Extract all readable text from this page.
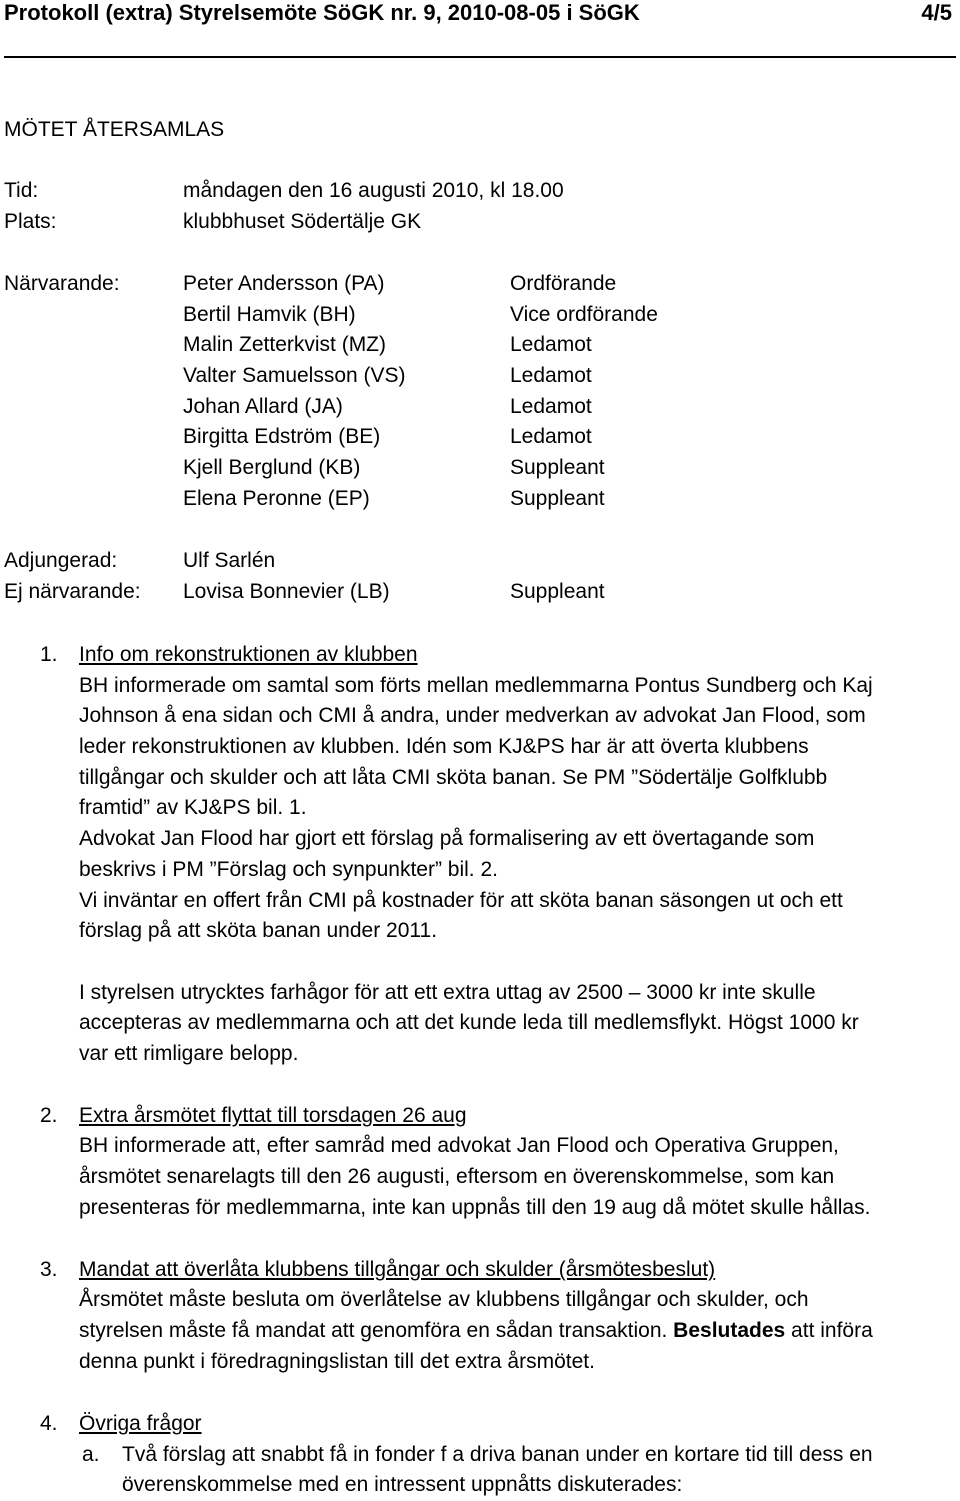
Protokoll (extra) Styrelsemöte SöGK nr. 9, 2010-08-05 i SöGK	4/5
MÖTET ÅTERSAMLAS
Tid:	måndagen den 16 augusti 2010, kl 18.00
Plats:	klubbhuset Södertälje GK
Närvarande:	Peter Andersson (PA)	Ordförande
Bertil Hamvik (BH)	Vice ordförande
Malin Zetterkvist (MZ)	Ledamot
Valter Samuelsson (VS)	Ledamot
Johan Allard (JA)	Ledamot
Birgitta Edström (BE)	Ledamot
Kjell Berglund (KB)	Suppleant
Elena Peronne (EP)	Suppleant
Adjungerad:	Ulf Sarlén
Ej närvarande: Lovisa Bonnevier (LB)	Suppleant
1. Info om rekonstruktionen av klubben
BH informerade om samtal som förts mellan medlemmarna Pontus Sundberg och Kaj
Johnson å ena sidan och CMI å andra, under medverkan av advokat Jan Flood, som
leder rekonstruktionen av klubben. Idén som KJ&PS har är att överta klubbens
tillgångar och skulder och att låta CMI sköta banan. Se PM ”Södertälje Golfklubb
framtid” av KJ&PS bil. 1.
Advokat Jan Flood har gjort ett förslag på formalisering av ett övertagande som
beskrivs i PM ”Förslag och synpunkter” bil. 2.
Vi inväntar en offert från CMI på kostnader för att sköta banan säsongen ut och ett
förslag på att sköta banan under 2011.
I styrelsen utrycktes farhågor för att ett extra uttag av 2500 – 3000 kr inte skulle
accepteras av medlemmarna och att det kunde leda till medlemsflykt. Högst 1000 kr
var ett rimligare belopp.
2. Extra årsmötet flyttat till torsdagen 26 aug
BH informerade att, efter samråd med advokat Jan Flood och Operativa Gruppen,
årsmötet senarelagts till den 26 augusti, eftersom en överenskommelse, som kan
presenteras för medlemmarna, inte kan uppnås till den 19 aug då mötet skulle hållas.
3. Mandat att överlåta klubbens tillgångar och skulder (årsmötesbeslut)
Årsmötet måste besluta om överlåtelse av klubbens tillgångar och skulder, och
styrelsen måste få mandat att genomföra en sådan transaktion. Beslutades att införa
denna punkt i föredragningslistan till det extra årsmötet.
4. Övriga frågor
a. Två förslag att snabbt få in fonder f a driva banan under en kortare tid till dess en
överenskommelse med en intressent uppnåtts diskuterades:
